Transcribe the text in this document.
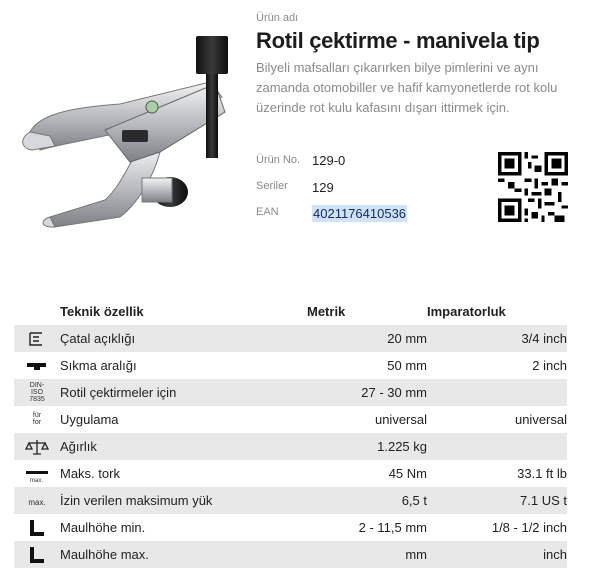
Ürün adı
Rotil çektirme - manivela tip
Bilyeli mafsalları çıkarırken bilye pimlerini ve aynı zamanda otomobiller ve hafif kamyonetlerde rot kolu üzerinde rot kulu kafasını dışarı ittirmek için.
Ürün No. 129-0
Seriler 129
EAN	4021176410536
	Teknik özellik	Metrik	Imparatorluk
	Çatal açıklığı	20 mm	3/4 inch
	Sıkma aralığı	50 mm	2 inch
DIN-ISO 7835	Rotil çektirmeler için	27 - 30 mm	
für for	Uygulama	universal	universal
	Ağırlık	1.225 kg	

max.	Maks. tork	45 Nm	33.1 ft lb
max.	İzin verilen maksimum yük	6,5 t	7.1 US t
	Maulhöhe min.	2 - 11,5 mm	1/8 - 1/2 inch
	Maulhöhe max.	mm	inch
